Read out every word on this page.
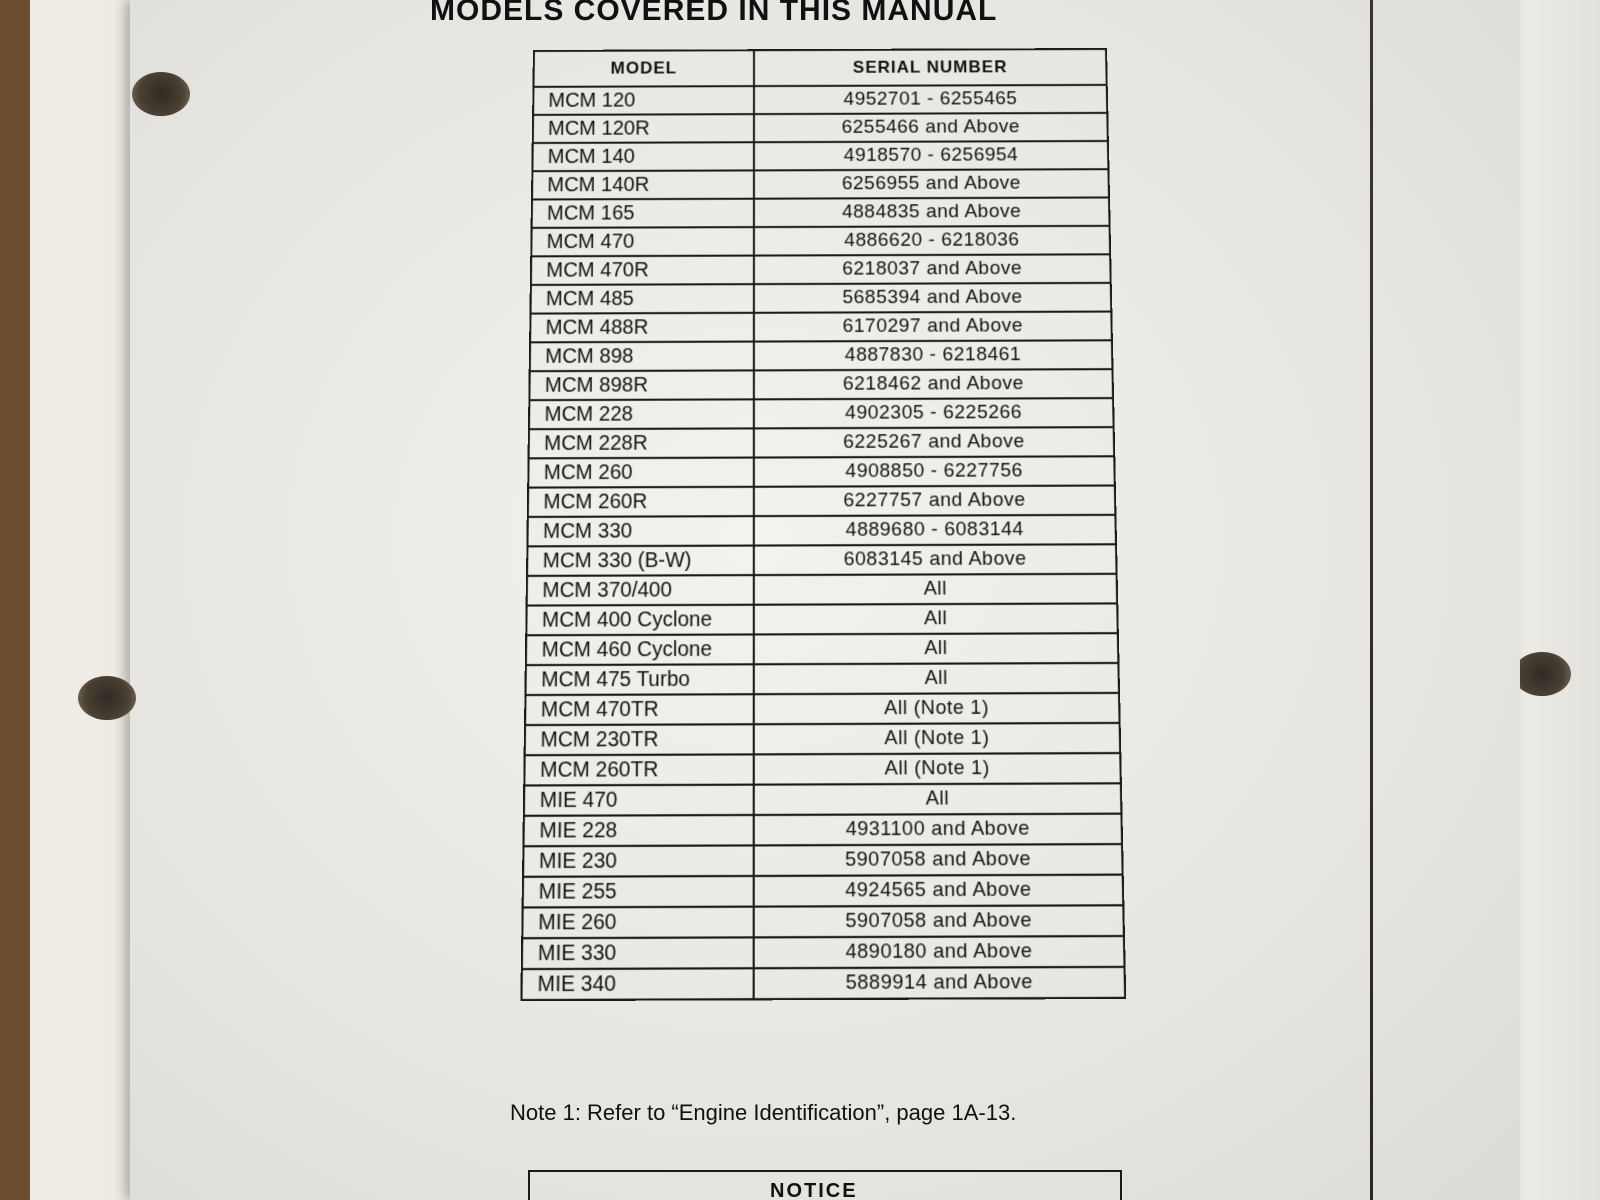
MODELS COVERED IN THIS MANUAL
MODEL	SERIAL NUMBER
MCM 120	4952701 - 6255465
MCM 120R	6255466 and Above
MCM 140	4918570 - 6256954
MCM 140R	6256955 and Above
MCM 165	4884835 and Above
MCM 470	4886620 - 6218036
MCM 470R	6218037 and Above
MCM 485	5685394 and Above
MCM 488R	6170297 and Above
MCM 898	4887830 - 6218461
MCM 898R	6218462 and Above
MCM 228	4902305 - 6225266
MCM 228R	6225267 and Above
MCM 260	4908850 - 6227756
MCM 260R	6227757 and Above
MCM 330	4889680 - 6083144
MCM 330 (B-W)	6083145 and Above
MCM 370/400	All
MCM 400 Cyclone	All
MCM 460 Cyclone	All
MCM 475 Turbo	All
MCM 470TR	All (Note 1)
MCM 230TR	All (Note 1)
MCM 260TR	All (Note 1)
MIE 470	All
MIE 228	4931100 and Above
MIE 230	5907058 and Above
MIE 255	4924565 and Above
MIE 260	5907058 and Above
MIE 330	4890180 and Above
MIE 340	5889914 and Above
Note 1: Refer to “Engine Identification”, page 1A-13.
NOTICE
